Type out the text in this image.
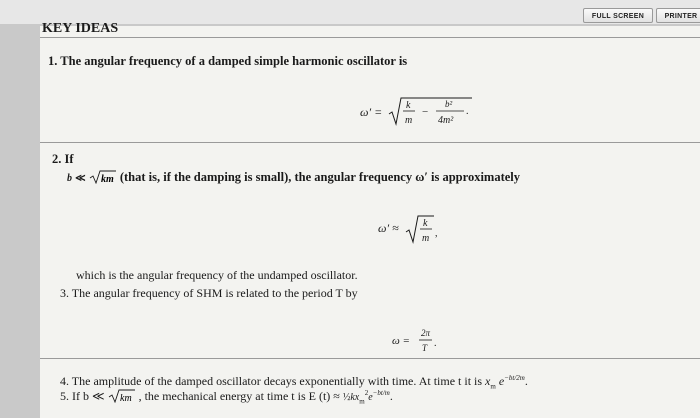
FULL SCREEN	PRINTER
KEY IDEAS
1. The angular frequency of a damped simple harmonic oscillator is
ω′ = k
m
−
b²
4m²
.
2. If
b ≪ km (that is, if the damping is small), the angular frequency ω′ is approximately
ω′ ≈ k
m ,
which is the angular frequency of the undamped oscillator.
3. The angular frequency of SHM is related to the period T by
ω =
2π
T .
4. The amplitude of the damped oscillator decays exponentially with time. At time t it is $x_m$ $e^{-bt/2m}$.
5. If b ≪ km , the mechanical energy at time t is E $(t) \approx \frac{1}{2}kx_m^2e^{-bt/m}$.
